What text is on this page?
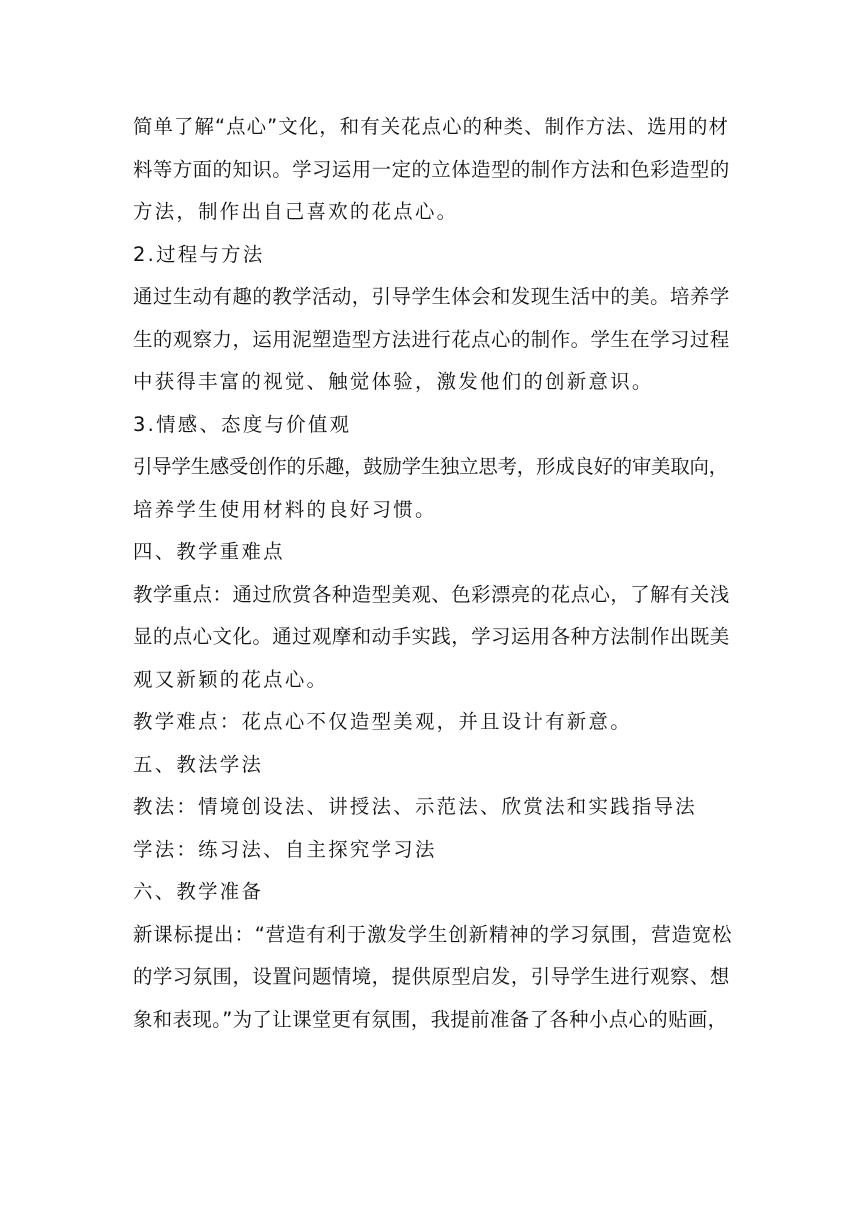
简单了解“点心”文化，和有关花点心的种类、制作方法、选用的材
料等方面的知识。学习运用一定的立体造型的制作方法和色彩造型的
方法，制作出自己喜欢的花点心。

2.过程与方法

通过生动有趣的教学活动，引导学生体会和发现生活中的美。培养学
生的观察力，运用泥塑造型方法进行花点心的制作。学生在学习过程
中获得丰富的视觉、触觉体验，激发他们的创新意识。

3.情感、态度与价值观

引导学生感受创作的乐趣，鼓励学生独立思考，形成良好的审美取向，
培养学生使用材料的良好习惯。

四、教学重难点

教学重点：通过欣赏各种造型美观、色彩漂亮的花点心，了解有关浅
显的点心文化。通过观摩和动手实践，学习运用各种方法制作出既美
观又新颖的花点心。

教学难点：花点心不仅造型美观，并且设计有新意。

五、教法学法

教法：情境创设法、讲授法、示范法、欣赏法和实践指导法

学法：练习法、自主探究学习法

六、教学准备

新课标提出：“营造有利于激发学生创新精神的学习氛围，营造宽松
的学习氛围，设置问题情境，提供原型启发，引导学生进行观察、想
象和表现。”为了让课堂更有氛围，我提前准备了各种小点心的贴画，
